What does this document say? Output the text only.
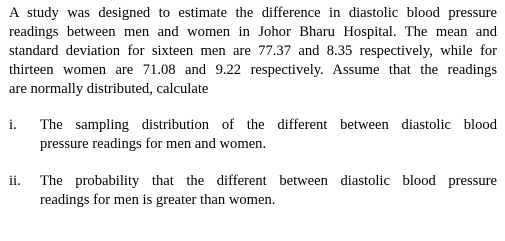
A study was designed to estimate the difference in diastolic blood pressure
readings between men and women in Johor Bharu Hospital. The mean and
standard deviation for sixteen men are 77.37 and 8.35 respectively, while for
thirteen women are 71.08 and 9.22 respectively. Assume that the readings
are normally distributed, calculate

i.	The sampling distribution of the different between diastolic blood
pressure readings for men and women.
ii.	The probability that the different between diastolic blood pressure
readings for men is greater than women.
